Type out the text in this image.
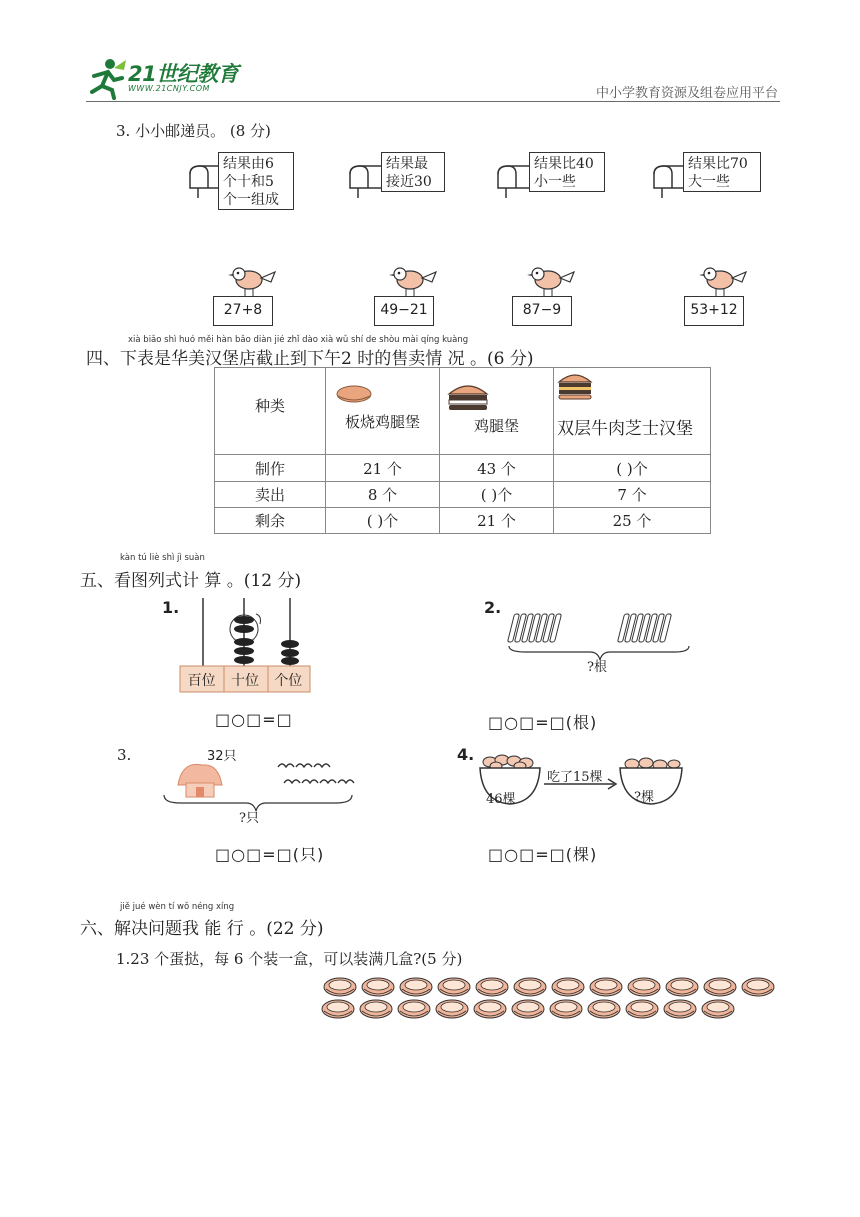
21世纪教育
WWW.21CNJY.COM	中小学教育资源及组卷应用平台
3. 小小邮递员。 (8 分)
结果由6
个十和5
个一组成
结果最
接近30
结果比40
小一些
结果比70
大一些
27+8	49−21	87−9	53+12
xià biǎo shì huó měi hàn bǎo diàn jié zhǐ dào xià wǔ shí de shòu mài qíng kuàng
四、下表是华美汉堡店截止到下午2 时的售卖情 况 。(6 分)
种类	板烧鸡腿堡	鸡腿堡	双层牛肉芝士汉堡

制作	21 个	43 个	( )个
卖出	8 个	( )个	7 个
剩余	( )个	21 个	25 个
kàn tú liè shì jì suàn
五、看图列式计 算 。(12 分)
1.
百位	十位	个位
□○□=□
2.
?根
□○□=□(根)
3.	32只
?只
□○□=□(只)
4.
46棵
吃了15棵
?棵
□○□=□(棵)
jiě jué wèn tí wǒ néng xíng
六、解决问题我 能 行 。(22 分)
1.23 个蛋挞，每 6 个装一盒，可以装满几盒?(5 分)
